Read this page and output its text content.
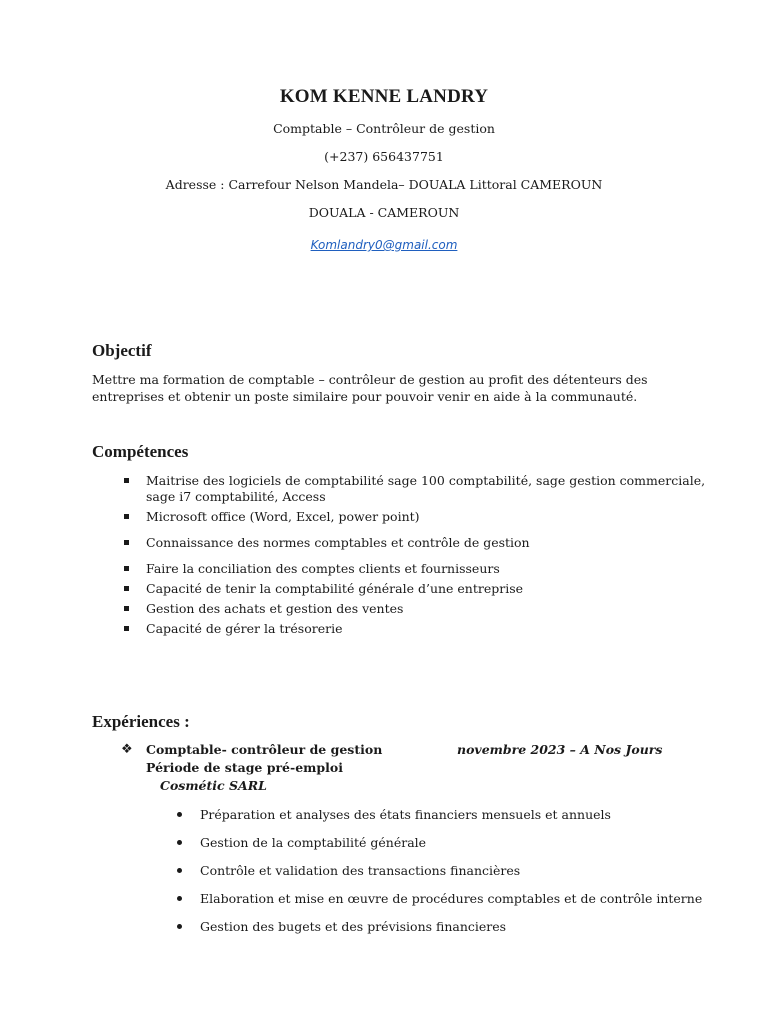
KOM KENNE LANDRY
Comptable – Contrôleur de gestion
(+237) 656437751
Adresse : Carrefour Nelson Mandela– DOUALA Littoral CAMEROUN
DOUALA - CAMEROUN
Komlandry0@gmail.com
Objectif
Mettre ma formation de comptable – contrôleur de gestion au profit des détenteurs des
entreprises et obtenir un poste similaire pour pouvoir venir en aide à la communauté.
Compétences
Maitrise des logiciels de comptabilité sage 100 comptabilité, sage gestion commerciale,
sage i7 comptabilité, Access
Microsoft office (Word, Excel, power point)
Connaissance des normes comptables et contrôle de gestion
Faire la conciliation des comptes clients et fournisseurs
Capacité de tenir la comptabilité générale d’une entreprise
Gestion des achats et gestion des ventes
Capacité de gérer la trésorerie
Expériences :
❖ Comptable- contrôleur de gestion	novembre 2023 – A Nos Jours
Période de stage pré-emploi
Cosmétic SARL
Préparation et analyses des états financiers mensuels et annuels
Gestion de la comptabilité générale
Contrôle et validation des transactions financières
Elaboration et mise en œuvre de procédures comptables et de contrôle interne
Gestion des bugets et des prévisions financieres
